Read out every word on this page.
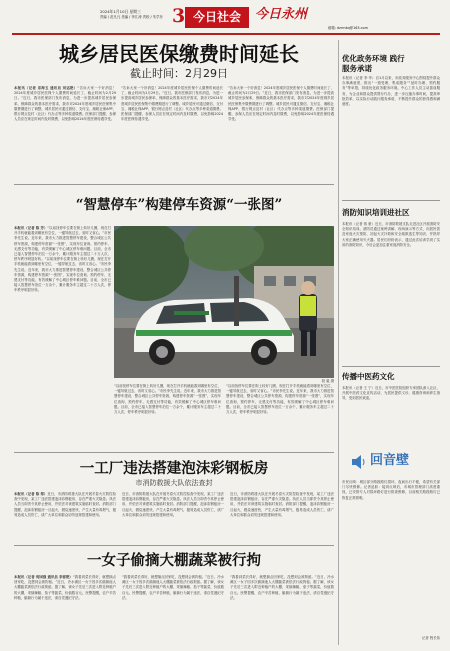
2024年1月10日 星期三
责编 / 范凡凡 美编 / 李江涛 责校 / 朱学东 3 今日社会	今日永州
邮箱: dzrmkq@163.com
城乡居民医保缴费时间延长
截止时间：2月29日
本报讯（记者 邓海玉 通讯员 刘运艳）“告诉大家一个好消息！2024年度城乡居民医保个人缴费时间延长了，截止时间为2月29日。”近日，我市医保部门发布消息，为进一步提高城乡居民参保率，保障群众的基本医疗需求，我市对2024年度城乡居民医保集中缴费期进行了调整。城乡居民可通过微信、支付宝、湘税社保APP、银行网点及村（社区）代办点等多种渠道缴费。医保部门提醒，参保人员应在规定时间内及时缴费，以免影响2024年度医保待遇享受。
“告诉大家一个好消息！2024年度城乡居民医保个人缴费时间延长了，截止时间为2月29日。”近日，我市医保部门发布消息，为进一步提高城乡居民参保率，保障群众的基本医疗需求，我市对2024年度城乡居民医保集中缴费期进行了调整。城乡居民可通过微信、支付宝、湘税社保APP、银行网点及村（社区）代办点等多种渠道缴费。医保部门提醒，参保人员应在规定时间内及时缴费，以免影响2024年度医保待遇享受。
“告诉大家一个好消息！2024年度城乡居民医保个人缴费时间延长了，截止时间为2月29日。”近日，我市医保部门发布消息，为进一步提高城乡居民参保率，保障群众的基本医疗需求，我市对2024年度城乡居民医保集中缴费期进行了调整。城乡居民可通过微信、支付宝、湘税社保APP、银行网点及村（社区）代办点等多种渠道缴费。医保部门提醒，参保人员应在规定时间内及时缴费，以免影响2024年度医保待遇享受。
“智慧停车”构建停车资源“一张图”
本报讯（记者 陈 芳）“以前找停车位要在街上转好几圈，现在打开手机就能看到哪里有空位，一键导航过去，省时又省心。”市民李先生说。近年来，我市大力推进智慧停车建设，整合城区公共停车资源，构建停车资源“一张图”，实现车位查询、预约停车、无感支付等功能，有效缓解了中心城区停车难问题。目前，全市已接入智慧停车泊位一万余个，累计服务车主超过二十万人次，停车秩序明显好转。“以前找停车位要在街上转好几圈，现在打开手机就能看到哪里有空位，一键导航过去，省时又省心。”市民李先生说。近年来，我市大力推进智慧停车建设，整合城区公共停车资源，构建停车资源“一张图”，实现车位查询、预约停车、无感支付等功能，有效缓解了中心城区停车难问题。目前，全市已接入智慧停车泊位一万余个，累计服务车主超过二十万人次，停车秩序明显好转。
段 毅 摄
“以前找停车位要在街上转好几圈，现在打开手机就能看到哪里有空位，一键导航过去，省时又省心。”市民李先生说。近年来，我市大力推进智慧停车建设，整合城区公共停车资源，构建停车资源“一张图”，实现车位查询、预约停车、无感支付等功能，有效缓解了中心城区停车难问题。目前，全市已接入智慧停车泊位一万余个，累计服务车主超过二十万人次，停车秩序明显好转。
“以前找停车位要在街上转好几圈，现在打开手机就能看到哪里有空位，一键导航过去，省时又省心。”市民李先生说。近年来，我市大力推进智慧停车建设，整合城区公共停车资源，构建停车资源“一张图”，实现车位查询、预约停车、无感支付等功能，有效缓解了中心城区停车难问题。目前，全市已接入智慧停车泊位一万余个，累计服务车主超过二十万人次，停车秩序明显好转。
一工厂违法搭建泡沫彩钢板房
市消防救援大队依法查封
本报讯（记者 陈 翠）近日，市消防救援大队在开展冬春火灾防控检查中发现，某工厂违法搭建泡沫彩钢板房，存在严重火灾隐患。执法人员当即责令其停止使用，并依法对该建筑实施临时查封。消防部门提醒，泡沫彩钢板房一旦起火，燃烧速度快，产生大量有毒烟气，极易造成人员伤亡，请广大单位和群众切勿违规搭建和使用。
近日，市消防救援大队在开展冬春火灾防控检查中发现，某工厂违法搭建泡沫彩钢板房，存在严重火灾隐患。执法人员当即责令其停止使用，并依法对该建筑实施临时查封。消防部门提醒，泡沫彩钢板房一旦起火，燃烧速度快，产生大量有毒烟气，极易造成人员伤亡，请广大单位和群众切勿违规搭建和使用。
近日，市消防救援大队在开展冬春火灾防控检查中发现，某工厂违法搭建泡沫彩钢板房，存在严重火灾隐患。执法人员当即责令其停止使用，并依法对该建筑实施临时查封。消防部门提醒，泡沫彩钢板房一旦起火，燃烧速度快，产生大量有毒烟气，极易造成人员伤亡，请广大单位和群众切勿违规搭建和使用。
一女子偷摘大棚蔬菜被行拘
本报讯（记者 何国强 通讯员 李春艳）“我看到菜长得好，就想摘点回家吃，没想到会被拘留。”近日，冷水滩区一女子因多次偷摘他人大棚蔬菜被依法行政拘留。据了解，该女子先后三次进入附近种植户的大棚，采摘辣椒、茄子等蔬菜，价值数百元。民警提醒，农户辛苦种植，偷摘行为属于违法，请自觉遵纪守法。
“我看到菜长得好，就想摘点回家吃，没想到会被拘留。”近日，冷水滩区一女子因多次偷摘他人大棚蔬菜被依法行政拘留。据了解，该女子先后三次进入附近种植户的大棚，采摘辣椒、茄子等蔬菜，价值数百元。民警提醒，农户辛苦种植，偷摘行为属于违法，请自觉遵纪守法。
“我看到菜长得好，就想摘点回家吃，没想到会被拘留。”近日，冷水滩区一女子因多次偷摘他人大棚蔬菜被依法行政拘留。据了解，该女子先后三次进入附近种植户的大棚，采摘辣椒、茄子等蔬菜，价值数百元。民警提醒，农户辛苦种植，偷摘行为属于违法，请自觉遵纪守法。
优化政务环境 践行服务承诺
本报讯（记者 李 华）自1月以来，市政务服务中心围绕提升群众办事满意度，推出“一窗受理、集成服务”“延时办理、预约服务”等举措，持续优化政务服务环境。中心工作人员主动靠前服务，为企业和群众提供帮办代办，进一步压缩办事时间，提高审批效率，以实际行动践行服务承诺，不断提升群众的获得感和满意度。
消防知识培训进社区
本报讯（记者 蒋 豪）近日，市消防救援支队走进社区开展消防安全知识培训。消防员通过案例讲解、现场演示等方式，向居民普及家庭火灾预防、初起火灾扑救和安全疏散逃生等知识，并指导大家正确使用灭火器。居民们纷纷表示，通过此次培训学到了实用的消防知识，今后会更加注重家庭消防安全。
传播中医药文化
本报讯（记者 王 宁）近日，市中医医院组织专家团队深入社区，开展中医药文化宣传活动，为居民提供义诊、健康咨询和养生指导，受到居民欢迎。
回音壁
市民反映：城区部分路段路灯损坏，夜间出行不便，希望有关部门尽快维修。记者追踪：接到反映后，市城市管理部门高度重视，已安排专人对损坏路灯进行排查维修，目前相关路段路灯已恢复正常照明。
记者 程长伟
